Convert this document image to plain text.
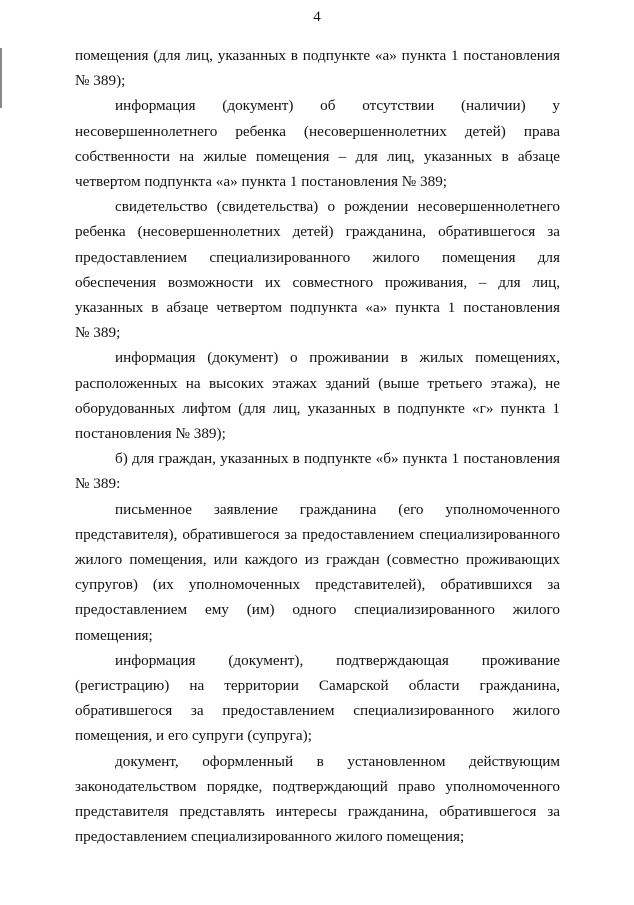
4
помещения (для лиц, указанных в подпункте «а» пункта 1 постановления
№ 389);
информация (документ) об отсутствии (наличии) у
несовершеннолетнего ребенка (несовершеннолетних детей) права
собственности на жилые помещения – для лиц, указанных в абзаце
четвертом подпункта «а» пункта 1 постановления № 389;
свидетельство (свидетельства) о рождении несовершеннолетнего
ребенка (несовершеннолетних детей) гражданина, обратившегося за
предоставлением специализированного жилого помещения для
обеспечения возможности их совместного проживания, – для лиц,
указанных в абзаце четвертом подпункта «а» пункта 1 постановления
№ 389;
информация (документ) о проживании в жилых помещениях,
расположенных на высоких этажах зданий (выше третьего этажа), не
оборудованных лифтом (для лиц, указанных в подпункте «г» пункта 1
постановления № 389);
б) для граждан, указанных в подпункте «б» пункта 1 постановления
№ 389:
письменное заявление гражданина (его уполномоченного
представителя), обратившегося за предоставлением специализированного
жилого помещения, или каждого из граждан (совместно проживающих
супругов) (их уполномоченных представителей), обратившихся за
предоставлением ему (им) одного специализированного жилого
помещения;
информация (документ), подтверждающая проживание
(регистрацию) на территории Самарской области гражданина,
обратившегося за предоставлением специализированного жилого
помещения, и его супруги (супруга);
документ, оформленный в установленном действующим
законодательством порядке, подтверждающий право уполномоченного
представителя представлять интересы гражданина, обратившегося за
предоставлением специализированного жилого помещения;
